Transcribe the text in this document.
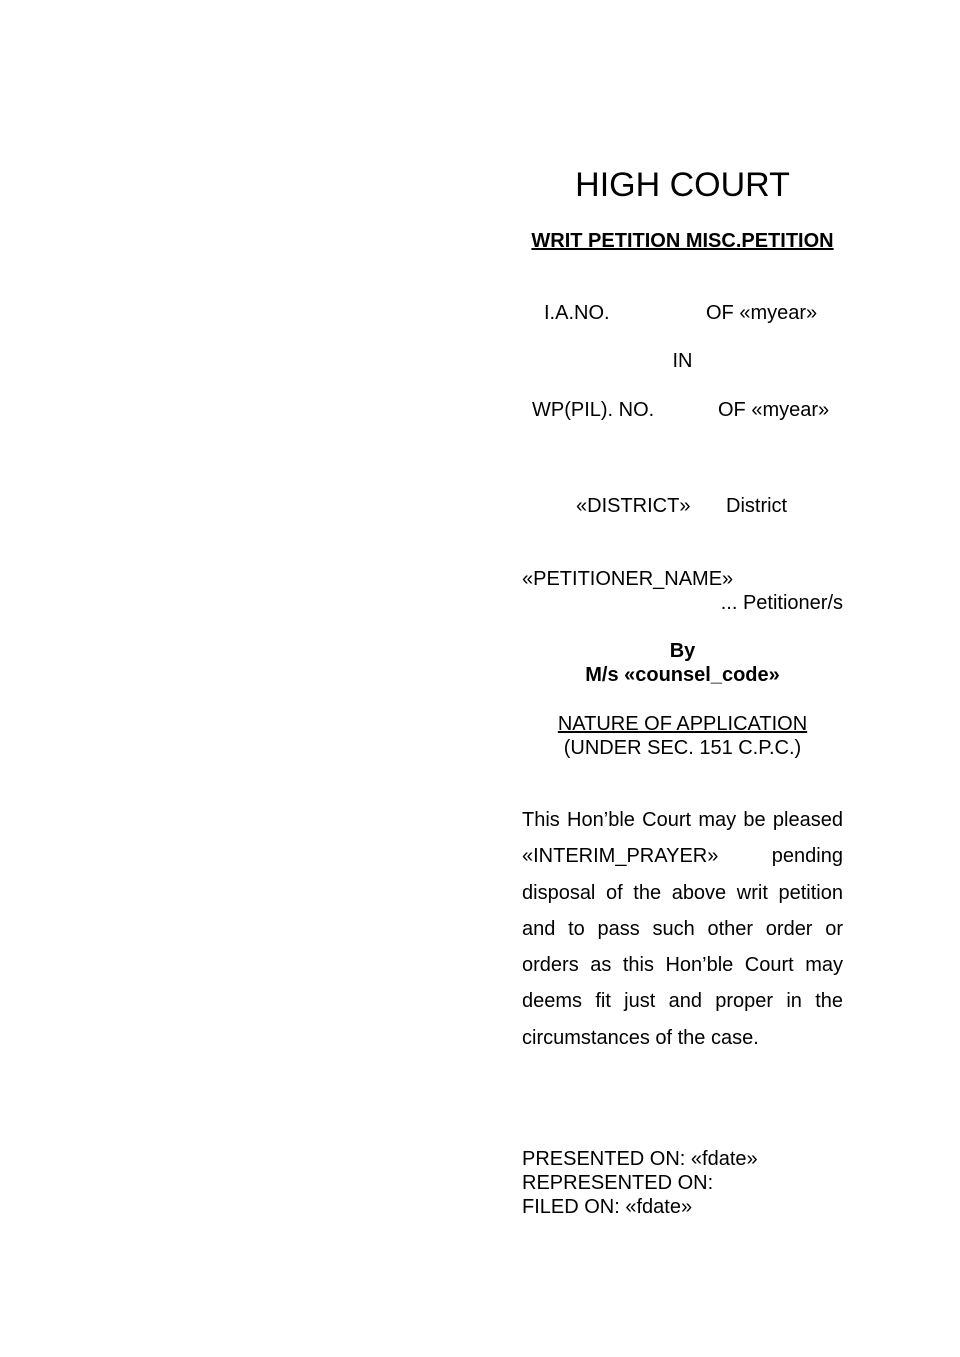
HIGH COURT
WRIT PETITION MISC.PETITION
I.A.NO.	OF «myear»
IN
WP(PIL). NO.	OF «myear»
«DISTRICT» District
«PETITIONER_NAME»
... Petitioner/s
By
M/s «counsel_code»
NATURE OF APPLICATION
(UNDER SEC. 151 C.P.C.)
This Hon’ble Court may be pleased «INTERIM_PRAYER» pending disposal of the above writ petition and to pass such other order or orders as this Hon’ble Court may deems fit just and proper in the circumstances of the case.
PRESENTED ON: «fdate»
REPRESENTED ON:
FILED ON: «fdate»
